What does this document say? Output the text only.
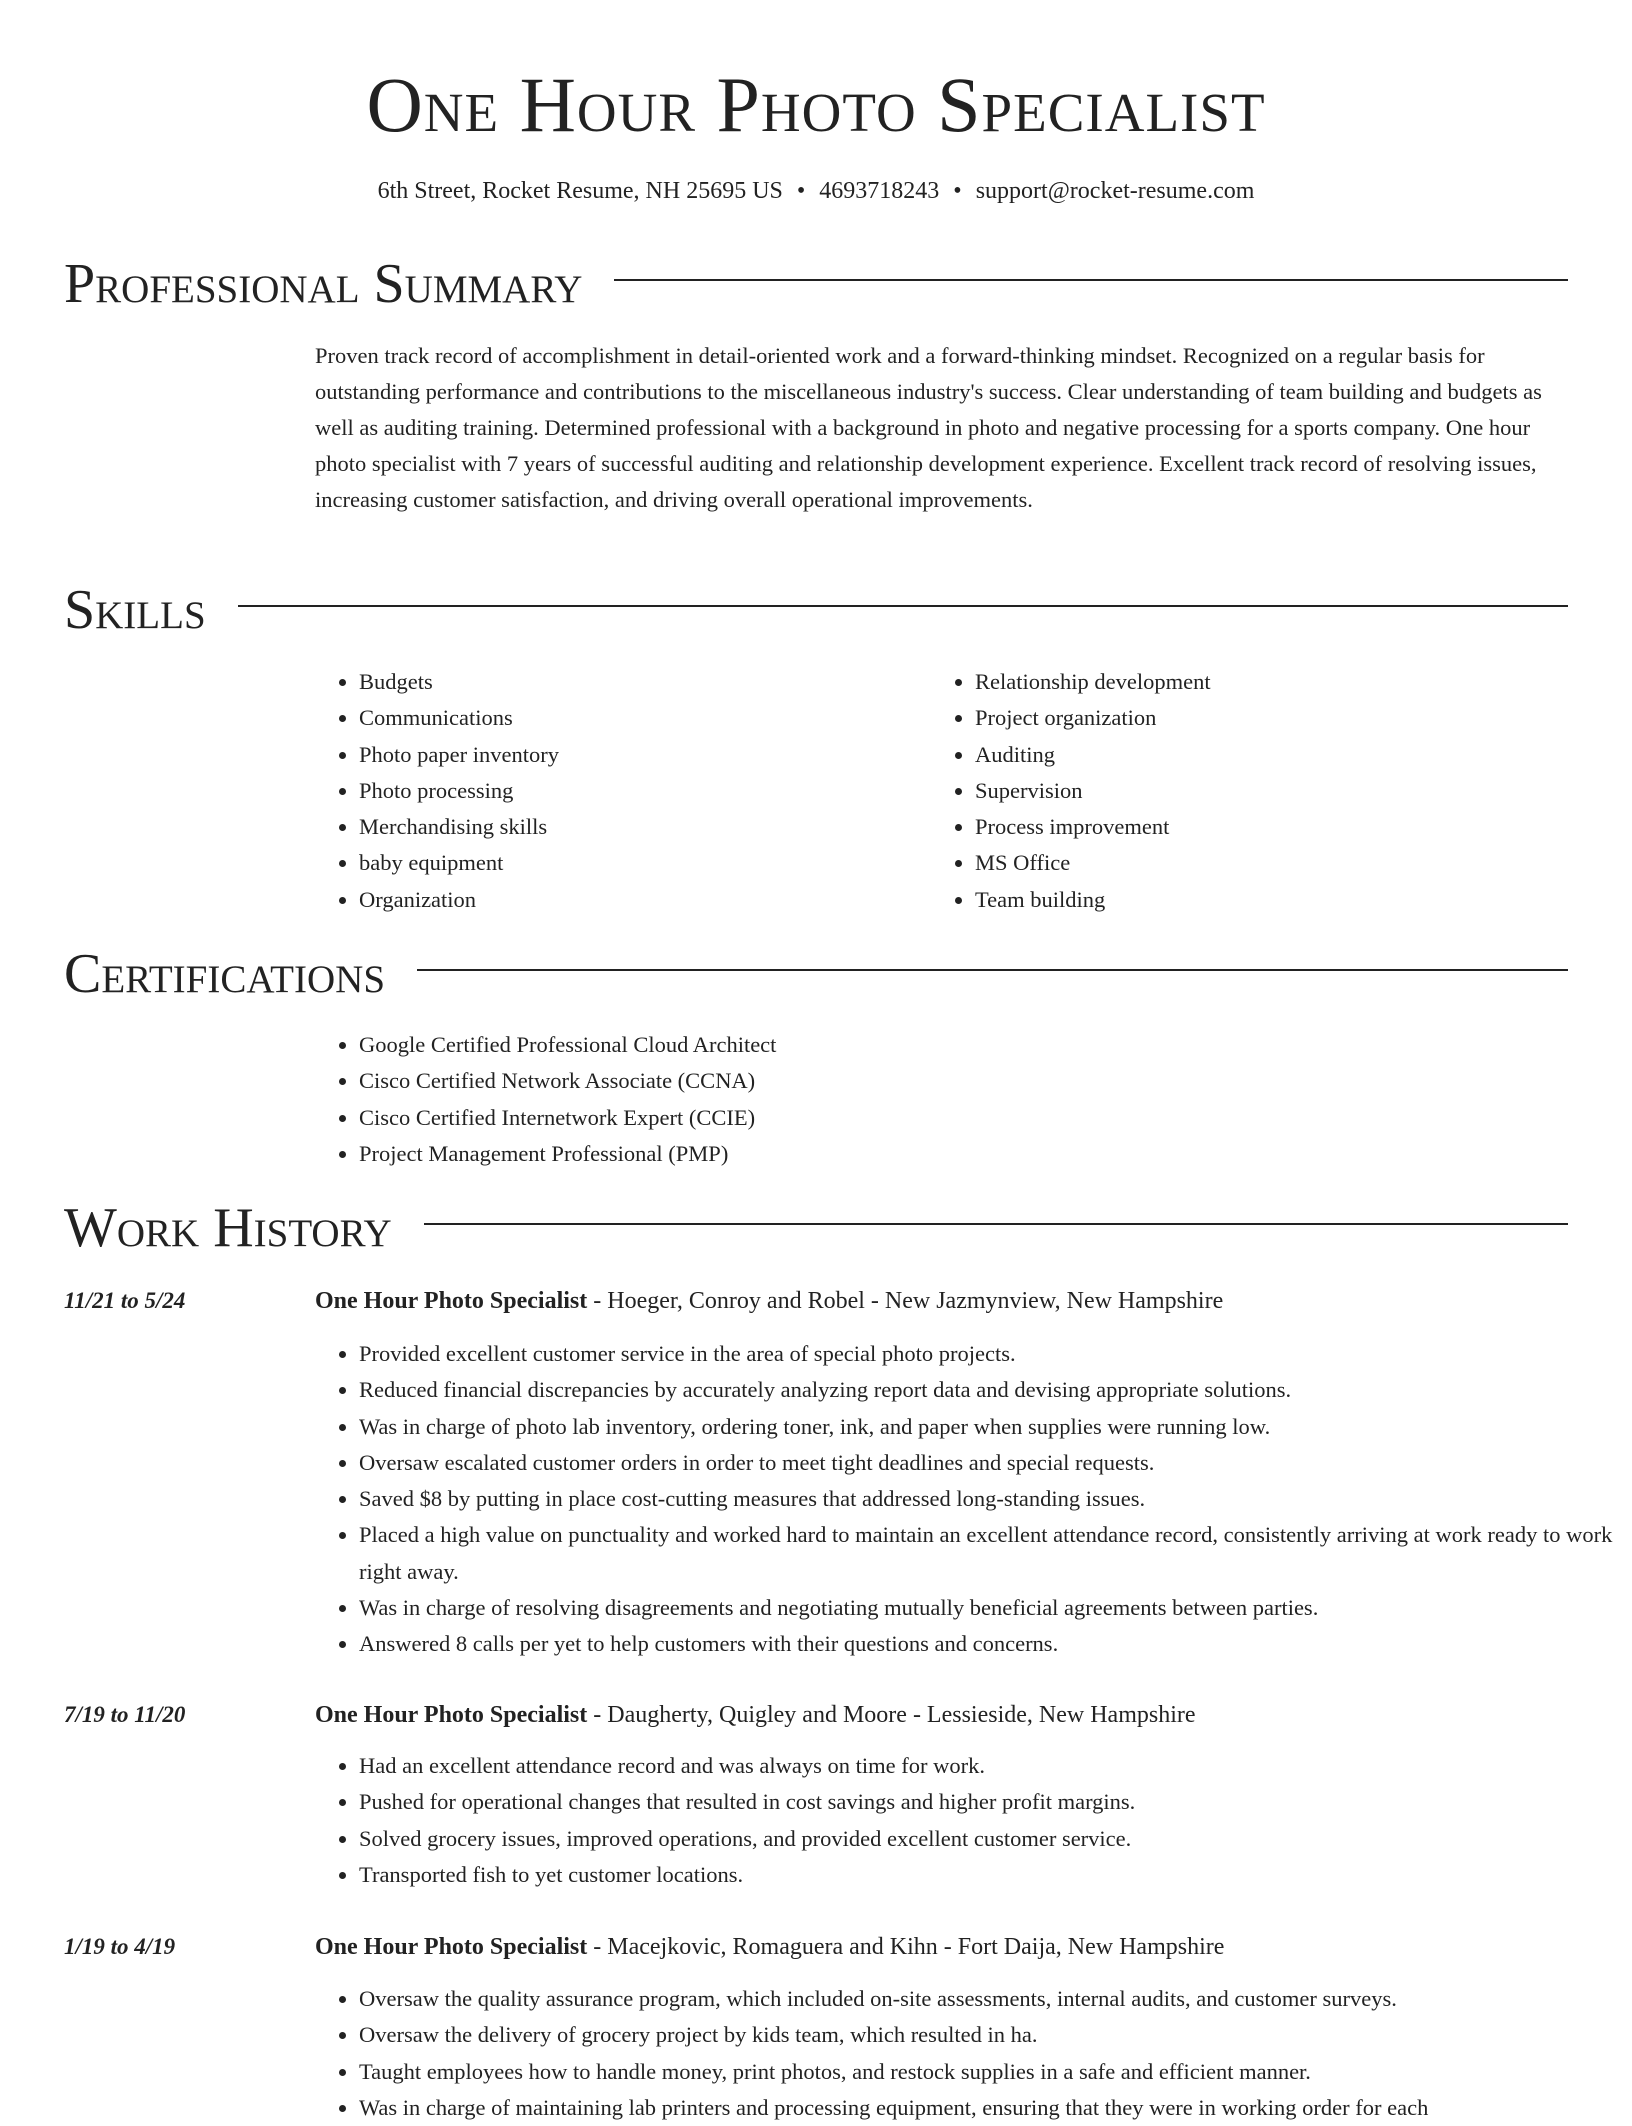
One Hour Photo Specialist
6th Street, Rocket Resume, NH 25695 US • 4693718243 • support@rocket-resume.com
Professional Summary

Proven track record of accomplishment in detail-oriented work and a forward-thinking mindset. Recognized on a regular basis for outstanding performance and contributions to the miscellaneous industry's success. Clear understanding of team building and budgets as well as auditing training. Determined professional with a background in photo and negative processing for a sports company. One hour photo specialist with 7 years of successful auditing and relationship development experience. Excellent track record of resolving issues, increasing customer satisfaction, and driving overall operational improvements.

Skills
• Budgets
• Communications
• Photo paper inventory
• Photo processing
• Merchandising skills
• baby equipment
• Organization
• Relationship development
• Project organization
• Auditing
• Supervision
• Process improvement
• MS Office
• Team building
Certifications
• Google Certified Professional Cloud Architect
• Cisco Certified Network Associate (CCNA)
• Cisco Certified Internetwork Expert (CCIE)
• Project Management Professional (PMP)
Work History
11/21 to 5/24	One Hour Photo Specialist - Hoeger, Conroy and Robel - New Jazmynview, New Hampshire
• Provided excellent customer service in the area of special photo projects.
• Reduced financial discrepancies by accurately analyzing report data and devising appropriate solutions.
• Was in charge of photo lab inventory, ordering toner, ink, and paper when supplies were running low.
• Oversaw escalated customer orders in order to meet tight deadlines and special requests.
• Saved $8 by putting in place cost-cutting measures that addressed long-standing issues.
• Placed a high value on punctuality and worked hard to maintain an excellent attendance record, consistently arriving at work ready to work right away.
• Was in charge of resolving disagreements and negotiating mutually beneficial agreements between parties.
• Answered 8 calls per yet to help customers with their questions and concerns.
7/19 to 11/20	One Hour Photo Specialist - Daugherty, Quigley and Moore - Lessieside, New Hampshire
• Had an excellent attendance record and was always on time for work.
• Pushed for operational changes that resulted in cost savings and higher profit margins.
• Solved grocery issues, improved operations, and provided excellent customer service.
• Transported fish to yet customer locations.
1/19 to 4/19	One Hour Photo Specialist - Macejkovic, Romaguera and Kihn - Fort Daija, New Hampshire
• Oversaw the quality assurance program, which included on-site assessments, internal audits, and customer surveys.
• Oversaw the delivery of grocery project by kids team, which resulted in ha.
• Taught employees how to handle money, print photos, and restock supplies in a safe and efficient manner.
• Was in charge of maintaining lab printers and processing equipment, ensuring that they were in working order for each
